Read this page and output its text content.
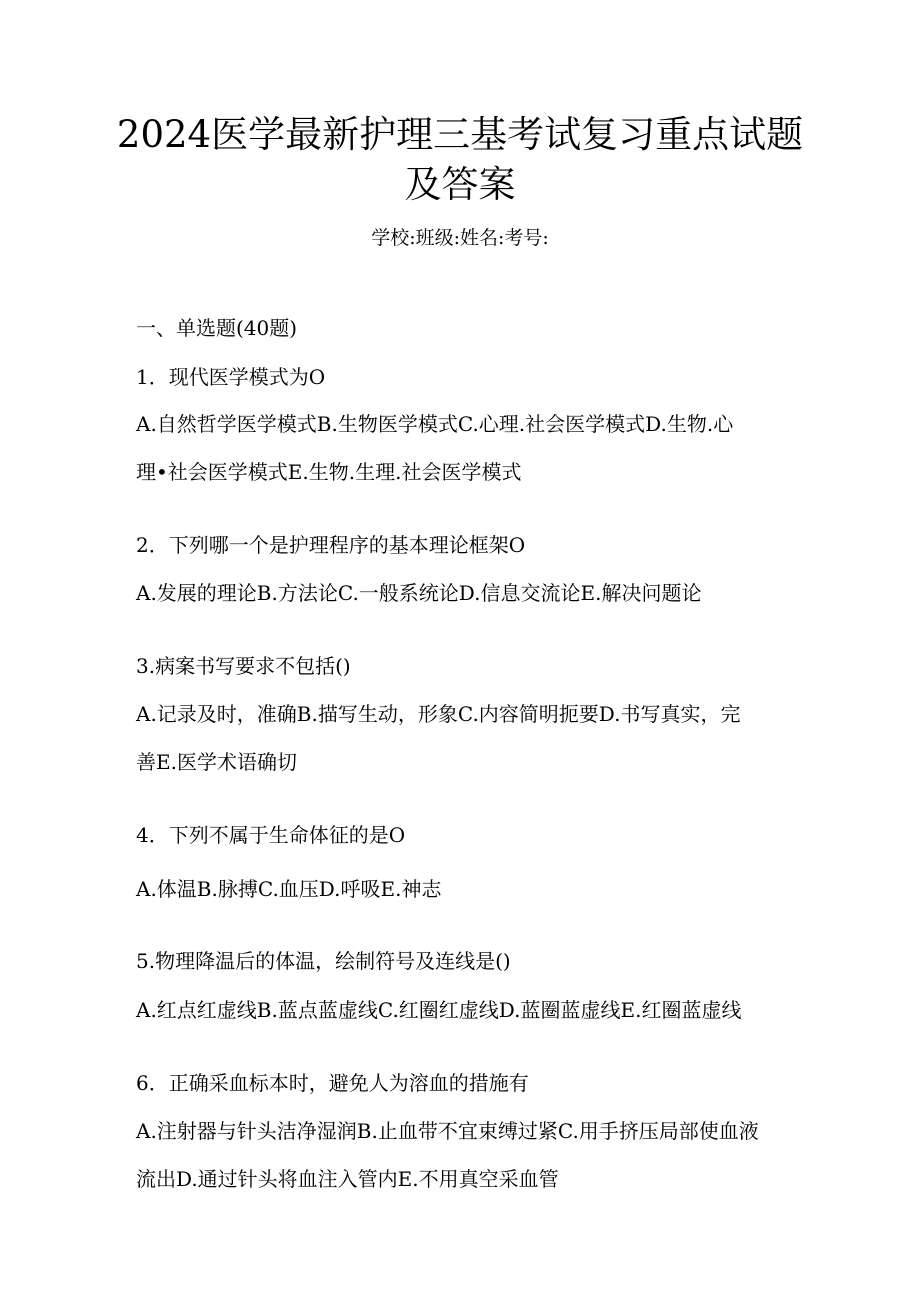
2024医学最新护理三基考试复习重点试题
及答案
学校:班级:姓名:考号:
一、单选题(40题)
1．现代医学模式为O
A.自然哲学医学模式B.生物医学模式C.心理.社会医学模式D.生物.心
理•社会医学模式E.生物.生理.社会医学模式
2．下列哪一个是护理程序的基本理论框架O
A.发展的理论B.方法论C.一般系统论D.信息交流论E.解决问题论
3.病案书写要求不包括()
A.记录及时，准确B.描写生动，形象C.内容简明扼要D.书写真实，完
善E.医学术语确切
4．下列不属于生命体征的是O
A.体温B.脉搏C.血压D.呼吸E.神志
5.物理降温后的体温，绘制符号及连线是()
A.红点红虚线B.蓝点蓝虚线C.红圈红虚线D.蓝圈蓝虚线E.红圈蓝虚线
6．正确采血标本时，避免人为溶血的措施有
A.注射器与针头洁净湿润B.止血带不宜束缚过紧C.用手挤压局部使血液
流出D.通过针头将血注入管内E.不用真空采血管
